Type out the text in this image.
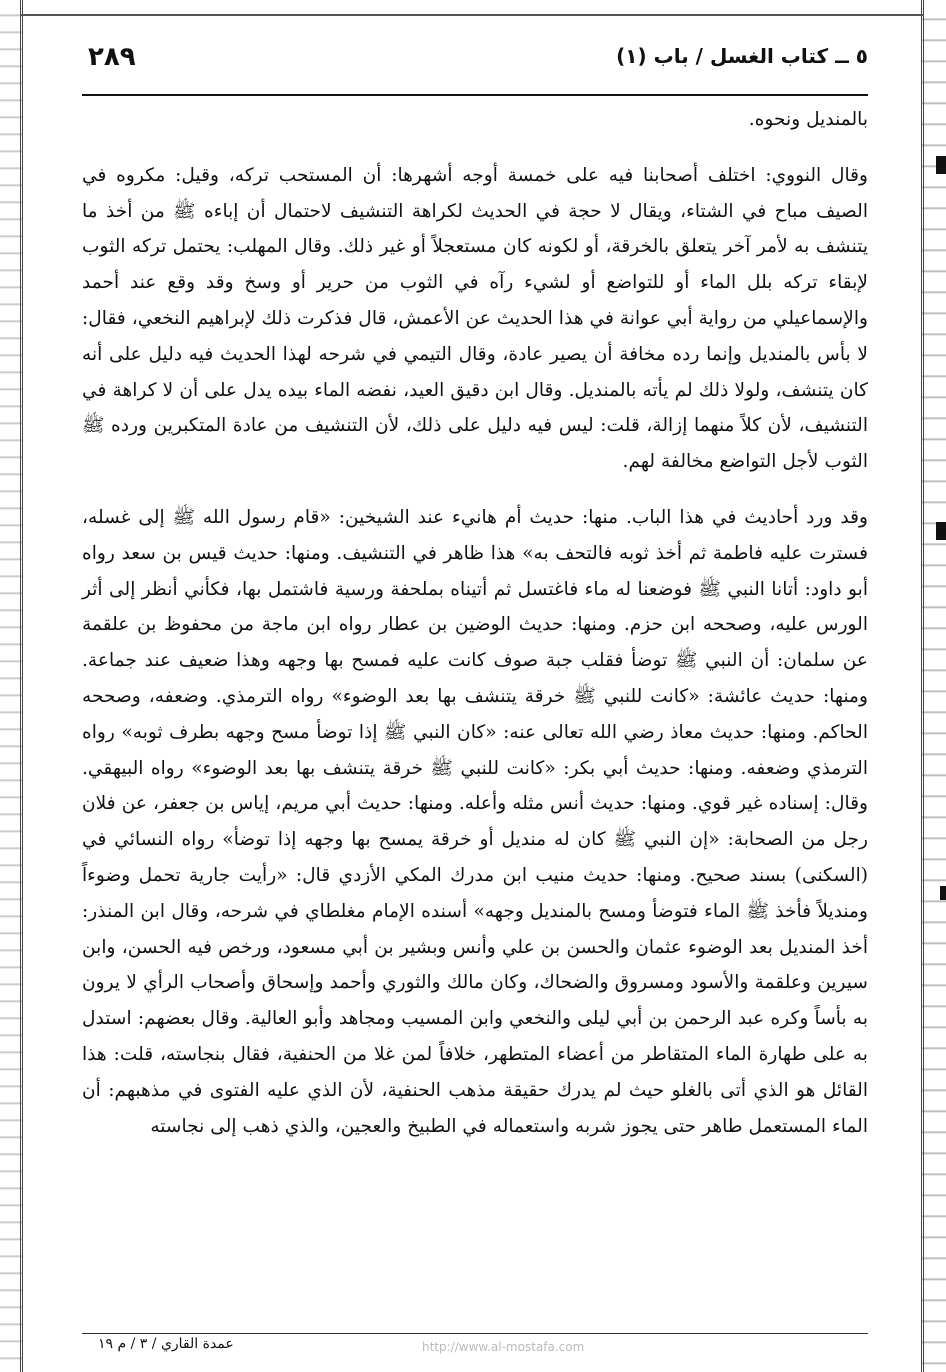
٥ ــ كتاب الغسل / باب (١)
٢٨٩

بالمنديل ونحوه.

وقال النووي: اختلف أصحابنا فيه على خمسة أوجه أشهرها: أن المستحب تركه، وقيل: مكروه في الصيف مباح في الشتاء، ويقال لا حجة في الحديث لكراهة التنشيف لاحتمال أن إباءه ﷺ من أخذ ما يتنشف به لأمر آخر يتعلق بالخرقة، أو لكونه كان مستعجلاً أو غير ذلك. وقال المهلب: يحتمل تركه الثوب لإبقاء تركه بلل الماء أو للتواضع أو لشيء رآه في الثوب من حرير أو وسخ وقد وقع عند أحمد والإسماعيلي من رواية أبي عوانة في هذا الحديث عن الأعمش، قال فذكرت ذلك لإبراهيم النخعي، فقال: لا بأس بالمنديل وإنما رده مخافة أن يصير عادة، وقال التيمي في شرحه لهذا الحديث فيه دليل على أنه كان يتنشف، ولولا ذلك لم يأته بالمنديل. وقال ابن دقيق العيد، نفضه الماء بيده يدل على أن لا كراهة في التنشيف، لأن كلاً منهما إزالة، قلت: ليس فيه دليل على ذلك، لأن التنشيف من عادة المتكبرين ورده ﷺ الثوب لأجل التواضع مخالفة لهم.

وقد ورد أحاديث في هذا الباب. منها: حديث أم هانيء عند الشيخين: «قام رسول الله ﷺ إلى غسله، فسترت عليه فاطمة ثم أخذ ثوبه فالتحف به» هذا ظاهر في التنشيف. ومنها: حديث قيس بن سعد رواه أبو داود: أتانا النبي ﷺ فوضعنا له ماء فاغتسل ثم أتيناه بملحفة ورسية فاشتمل بها، فكأني أنظر إلى أثر الورس عليه، وصححه ابن حزم. ومنها: حديث الوضين بن عطار رواه ابن ماجة من محفوظ بن علقمة عن سلمان: أن النبي ﷺ توضأ فقلب جبة صوف كانت عليه فمسح بها وجهه وهذا ضعيف عند جماعة. ومنها: حديث عائشة: «كانت للنبي ﷺ خرقة يتنشف بها بعد الوضوء» رواه الترمذي. وضعفه، وصححه الحاكم. ومنها: حديث معاذ رضي الله تعالى عنه: «كان النبي ﷺ إذا توضأ مسح وجهه بطرف ثوبه» رواه الترمذي وضعفه. ومنها: حديث أبي بكر: «كانت للنبي ﷺ خرقة يتنشف بها بعد الوضوء» رواه البيهقي. وقال: إسناده غير قوي. ومنها: حديث أنس مثله وأعله. ومنها: حديث أبي مريم، إياس بن جعفر، عن فلان رجل من الصحابة: «إن النبي ﷺ كان له منديل أو خرقة يمسح بها وجهه إذا توضأ» رواه النسائي في (السكنى) بسند صحيح. ومنها: حديث منيب ابن مدرك المكي الأزدي قال: «رأيت جارية تحمل وضوءاً ومنديلاً فأخذ ﷺ الماء فتوضأ ومسح بالمنديل وجهه» أسنده الإمام مغلطاي في شرحه، وقال ابن المنذر: أخذ المنديل بعد الوضوء عثمان والحسن بن علي وأنس وبشير بن أبي مسعود، ورخص فيه الحسن، وابن سيرين وعلقمة والأسود ومسروق والضحاك، وكان مالك والثوري وأحمد وإسحاق وأصحاب الرأي لا يرون به بأساً وكره عبد الرحمن بن أبي ليلى والنخعي وابن المسيب ومجاهد وأبو العالية. وقال بعضهم: استدل به على طهارة الماء المتقاطر من أعضاء المتطهر، خلافاً لمن غلا من الحنفية، فقال بنجاسته، قلت: هذا القائل هو الذي أتى بالغلو حيث لم يدرك حقيقة مذهب الحنفية، لأن الذي عليه الفتوى في مذهبهم: أن الماء المستعمل طاهر حتى يجوز شربه واستعماله في الطبيخ والعجين، والذي ذهب إلى نجاسته

عمدة القاري / ٣ / م ١٩	http://www.al-mostafa.com
